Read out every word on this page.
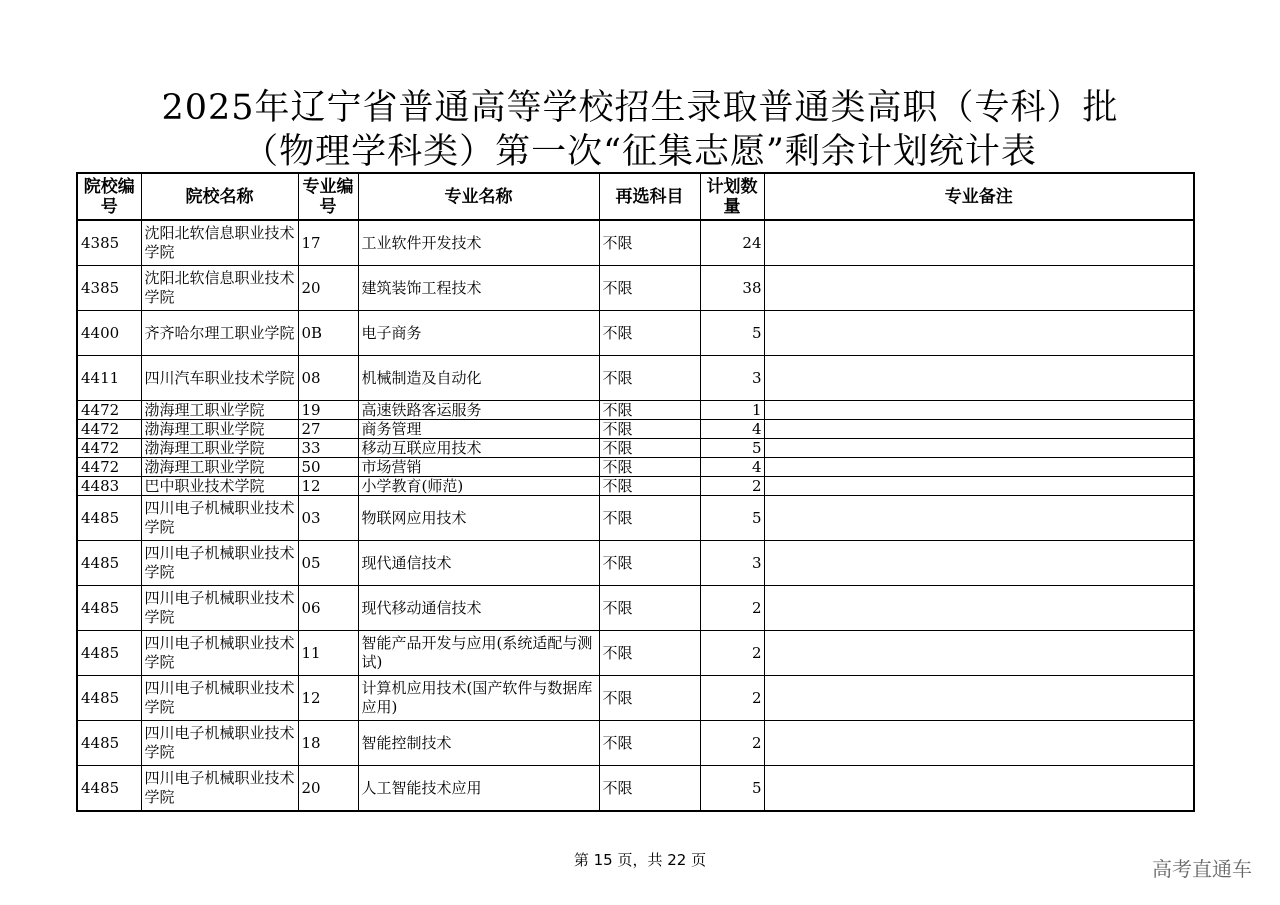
2025年辽宁省普通高等学校招生录取普通类高职（专科）批
（物理学科类）第一次“征集志愿”剩余计划统计表
院校编号	院校名称	专业编号	专业名称	再选科目	计划数量	专业备注
4385	沈阳北软信息职业技术学院	17	工业软件开发技术	不限	24	
4385	沈阳北软信息职业技术学院	20	建筑装饰工程技术	不限	38	
4400	齐齐哈尔理工职业学院	0B	电子商务	不限	5	
4411	四川汽车职业技术学院	08	机械制造及自动化	不限	3	
4472	渤海理工职业学院	19	高速铁路客运服务	不限	1	
4472	渤海理工职业学院	27	商务管理	不限	4	
4472	渤海理工职业学院	33	移动互联应用技术	不限	5	
4472	渤海理工职业学院	50	市场营销	不限	4	
4483	巴中职业技术学院	12	小学教育(师范)	不限	2	
4485	四川电子机械职业技术学院	03	物联网应用技术	不限	5	
4485	四川电子机械职业技术学院	05	现代通信技术	不限	3	
4485	四川电子机械职业技术学院	06	现代移动通信技术	不限	2	
4485	四川电子机械职业技术学院	11	智能产品开发与应用(系统适配与测试)	不限	2	
4485	四川电子机械职业技术学院	12	计算机应用技术(国产软件与数据库应用)	不限	2	
4485	四川电子机械职业技术学院	18	智能控制技术	不限	2	
4485	四川电子机械职业技术学院	20	人工智能技术应用	不限	5	
第 15 页，共 22 页	高考直通车
